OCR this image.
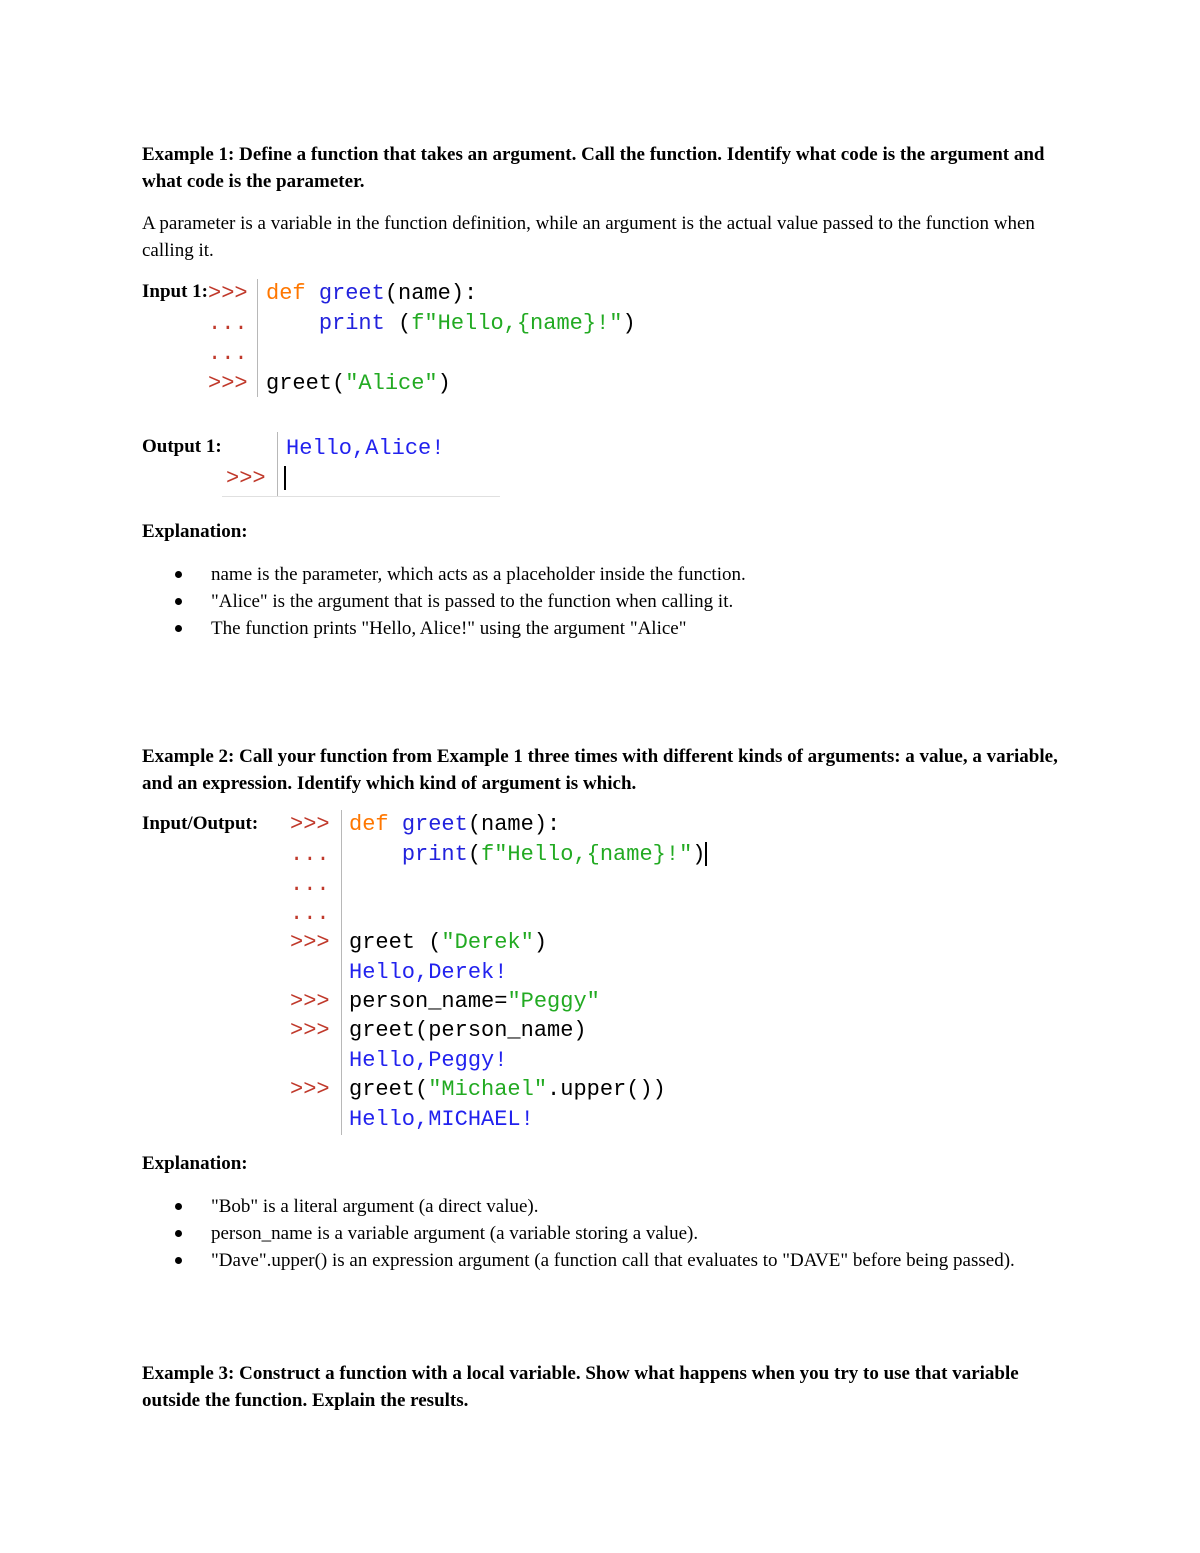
Example 1: Define a function that takes an argument. Call the function. Identify what code is the argument and what code is the parameter.
A parameter is a variable in the function definition, while an argument is the actual value passed to the function when calling it.
Input 1:

>>>

...

...

>>>

def greet(name):

print (f"Hello,{name}!")

greet("Alice")

Output 1:

	Hello,Alice!

>>>

Explanation:
name is the parameter, which acts as a placeholder inside the function.
"Alice" is the argument that is passed to the function when calling it.
The function prints "Hello, Alice!" using the argument "Alice"
Example 2: Call your function from Example 1 three times with different kinds of arguments: a value, a variable, and an expression. Identify which kind of argument is which.
Input/Output:

>>>

...

...

...

>>>

>>>

>>>

>>>

def greet(name):

print(f"Hello,{name}!")

greet ("Derek")

Hello,Derek!

person_name="Peggy"

greet(person_name)

Hello,Peggy!

greet("Michael".upper())

Hello,MICHAEL!

Explanation:
"Bob" is a literal argument (a direct value).
person_name is a variable argument (a variable storing a value).
"Dave".upper() is an expression argument (a function call that evaluates to "DAVE" before being passed).
Example 3: Construct a function with a local variable. Show what happens when you try to use that variable outside the function. Explain the results.
